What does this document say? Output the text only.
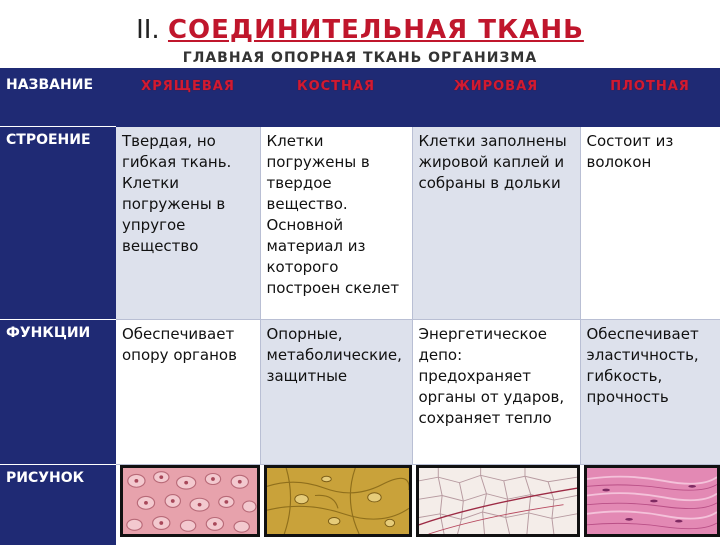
II. СОЕДИНИТЕЛЬНАЯ ТКАНЬ
ГЛАВНАЯ ОПОРНАЯ ТКАНЬ ОРГАНИЗМА
НАЗВАНИЕ	ХРЯЩЕВАЯ	КОСТНАЯ	ЖИРОВАЯ	ПЛОТНАЯ
СТРОЕНИЕ	Твердая, но гибкая ткань. Клетки погружены в упругое вещество	Клетки погружены в твердое вещество. Основной материал из которого построен скелет	Клетки заполнены жировой каплей и собраны в дольки	Состоит из волокон
ФУНКЦИИ	Обеспечивает опору органов	Опорные, метаболические, защитные	Энергетическое депо: предохраняет органы от ударов, сохраняет тепло	Обеспечивает эластичность, гибкость, прочность
РИСУНОК	
